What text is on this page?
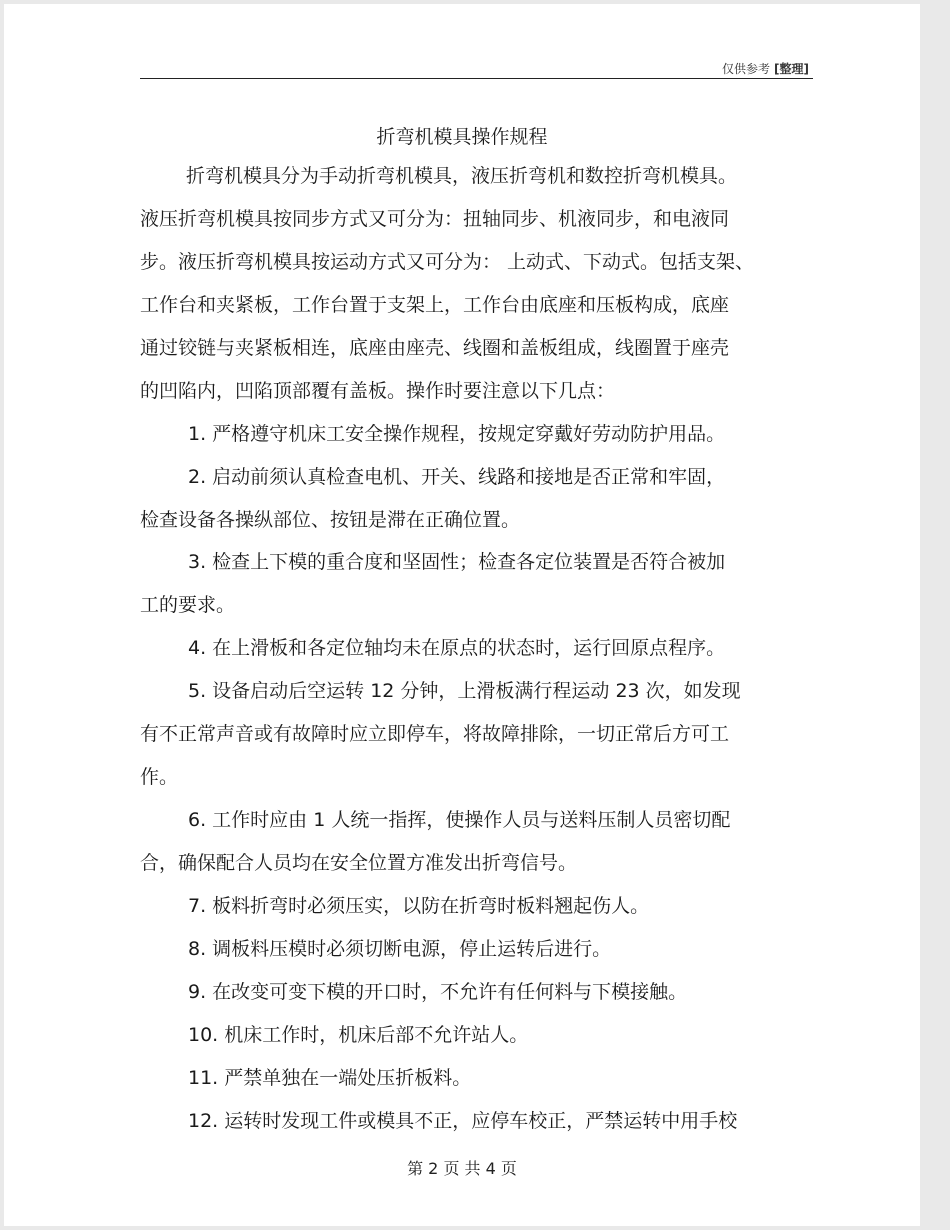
仅供参考 [整理]
折弯机模具操作规程
折弯机模具分为手动折弯机模具，液压折弯机和数控折弯机模具。
液压折弯机模具按同步方式又可分为：扭轴同步、机液同步，和电液同
步。液压折弯机模具按运动方式又可分为： 上动式、下动式。包括支架、
工作台和夹紧板，工作台置于支架上，工作台由底座和压板构成，底座
通过铰链与夹紧板相连，底座由座壳、线圈和盖板组成，线圈置于座壳
的凹陷内，凹陷顶部覆有盖板。操作时要注意以下几点：
1. 严格遵守机床工安全操作规程，按规定穿戴好劳动防护用品。
2. 启动前须认真检查电机、开关、线路和接地是否正常和牢固，
检查设备各操纵部位、按钮是滞在正确位置。
3. 检查上下模的重合度和坚固性；检查各定位装置是否符合被加
工的要求。
4. 在上滑板和各定位轴均未在原点的状态时，运行回原点程序。
5. 设备启动后空运转 12 分钟，上滑板满行程运动 23 次，如发现
有不正常声音或有故障时应立即停车，将故障排除，一切正常后方可工
作。
6. 工作时应由 1 人统一指挥，使操作人员与送料压制人员密切配
合，确保配合人员均在安全位置方准发出折弯信号。
7. 板料折弯时必须压实，以防在折弯时板料翘起伤人。
8. 调板料压模时必须切断电源，停止运转后进行。
9. 在改变可变下模的开口时，不允许有任何料与下模接触。
10. 机床工作时，机床后部不允许站人。
11. 严禁单独在一端处压折板料。
12. 运转时发现工件或模具不正，应停车校正，严禁运转中用手校
第 2 页 共 4 页
